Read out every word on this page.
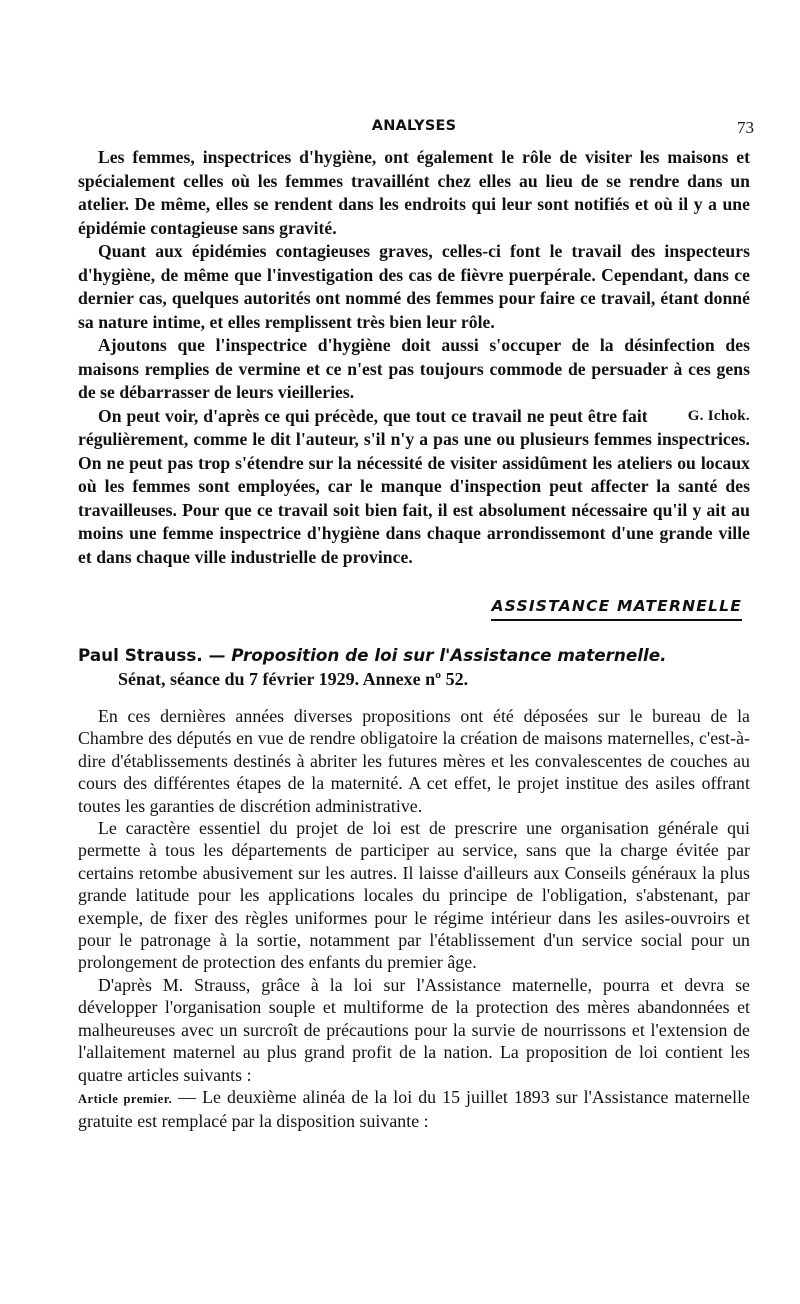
ANALYSES	73

Les femmes, inspectrices d'hygiène, ont également le rôle de visiter les maisons et spécialement celles où les femmes travaillént chez elles au lieu de se rendre dans un atelier. De même, elles se rendent dans les endroits qui leur sont notifiés et où il y a une épidémie contagieuse sans gravité.

Quant aux épidémies contagieuses graves, celles-ci font le travail des inspecteurs d'hygiène, de même que l'investigation des cas de fièvre puerpérale. Cependant, dans ce dernier cas, quelques autorités ont nommé des femmes pour faire ce travail, étant donné sa nature intime, et elles remplissent très bien leur rôle.

Ajoutons que l'inspectrice d'hygiène doit aussi s'occuper de la désinfection des maisons remplies de vermine et ce n'est pas toujours commode de persuader à ces gens de se débarrasser de leurs vieilleries.

G. Ichok.
On peut voir, d'après ce qui précède, que tout ce travail ne peut être fait régulièrement, comme le dit l'auteur, s'il n'y a pas une ou plusieurs femmes inspectrices. On ne peut pas trop s'étendre sur la nécessité de visiter assidûment les ateliers ou locaux où les femmes sont employées, car le manque d'inspection peut affecter la santé des travailleuses. Pour que ce travail soit bien fait, il est absolument nécessaire qu'il y ait au moins une femme inspectrice d'hygiène dans chaque arrondissemont d'une grande ville et dans chaque ville industrielle de province.

ASSISTANCE MATERNELLE
Paul Strauss. — Proposition de loi sur l'Assistance maternelle.
Sénat, séance du 7 février 1929. Annexe nº 52.

En ces dernières années diverses propositions ont été déposées sur le bureau de la Chambre des députés en vue de rendre obligatoire la création de maisons maternelles, c'est-à-dire d'établissements destinés à abriter les futures mères et les convalescentes de couches au cours des différentes étapes de la maternité. A cet effet, le projet institue des asiles offrant toutes les garanties de discrétion administrative.

Le caractère essentiel du projet de loi est de prescrire une organisation générale qui permette à tous les départements de participer au service, sans que la charge évitée par certains retombe abusivement sur les autres. Il laisse d'ailleurs aux Conseils généraux la plus grande latitude pour les applications locales du principe de l'obligation, s'abstenant, par exemple, de fixer des règles uniformes pour le régime intérieur dans les asiles-ouvroirs et pour le patronage à la sortie, notamment par l'établissement d'un service social pour un prolongement de protection des enfants du premier âge.

D'après M. Strauss, grâce à la loi sur l'Assistance maternelle, pourra et devra se développer l'organisation souple et multiforme de la protection des mères abandonnées et malheureuses avec un surcroît de précautions pour la survie de nourrissons et l'extension de l'allaitement maternel au plus grand profit de la nation. La proposition de loi contient les quatre articles suivants :

Article premier. — Le deuxième alinéa de la loi du 15 juillet 1893 sur l'Assistance maternelle gratuite est remplacé par la disposition suivante :
